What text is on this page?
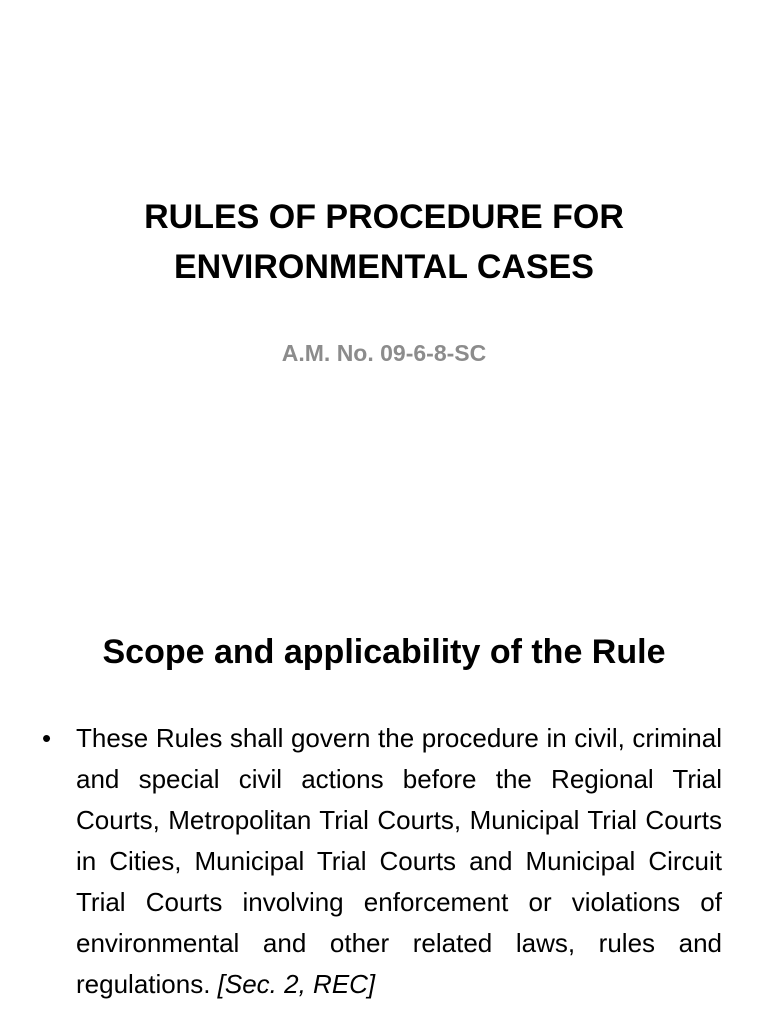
RULES OF PROCEDURE FOR
ENVIRONMENTAL CASES

A.M. No. 09-6-8-SC

Scope and applicability of the Rule
• These Rules shall govern the procedure in civil, criminal and special civil actions before the Regional Trial Courts, Metropolitan Trial Courts, Municipal Trial Courts in Cities, Municipal Trial Courts and Municipal Circuit Trial Courts involving enforcement or violations of environmental and other related laws, rules and regulations. [Sec. 2, REC]
